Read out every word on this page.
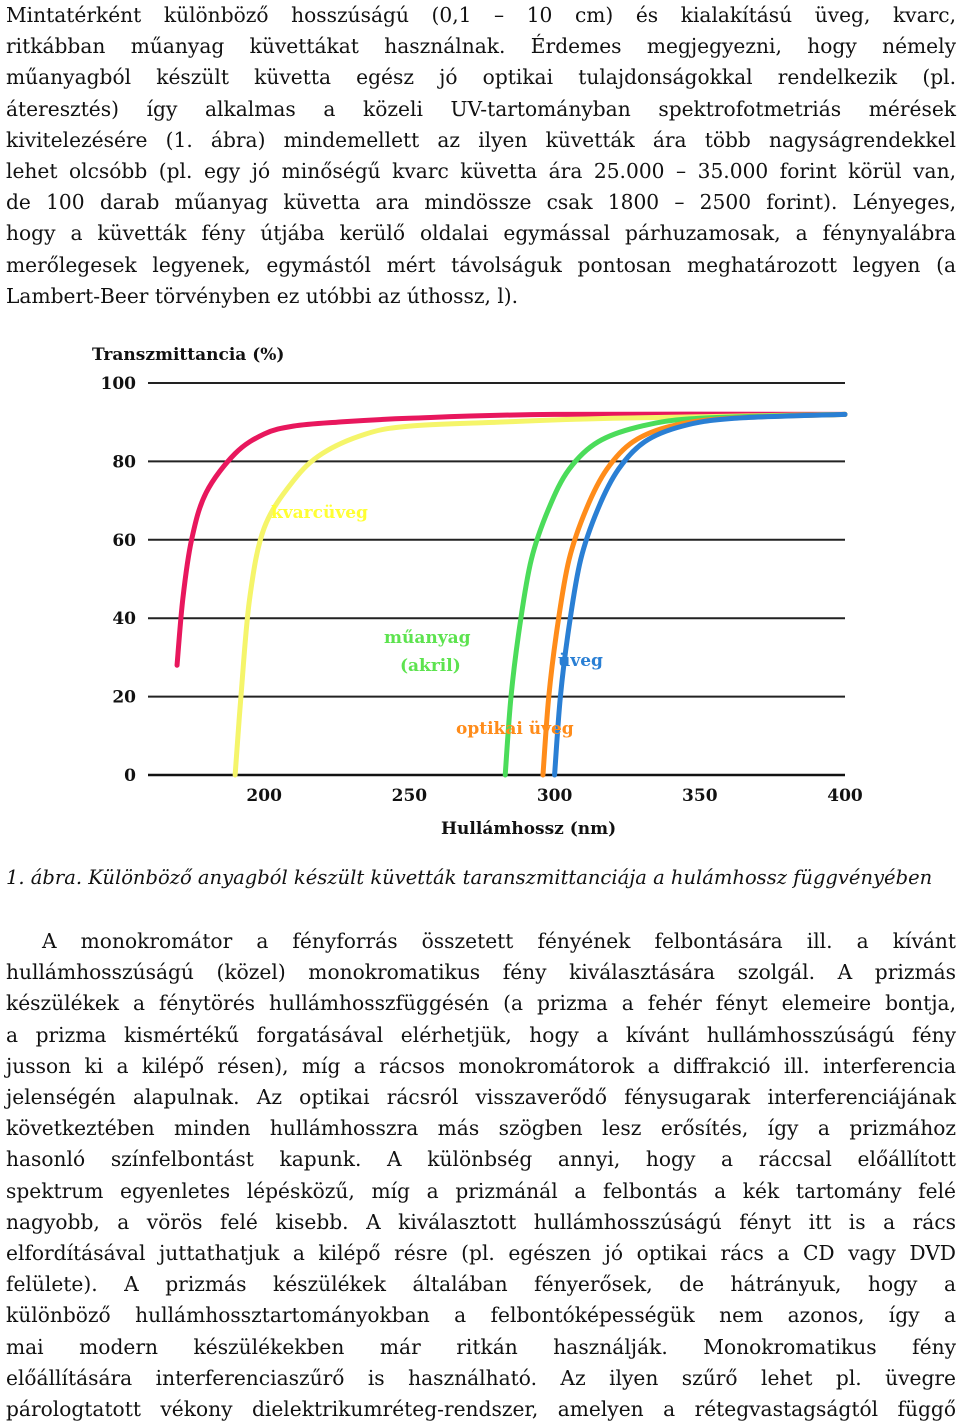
Mintatérként különböző hosszúságú (0,1 – 10 cm) és kialakítású üveg, kvarc,
ritkábban műanyag küvettákat használnak. Érdemes megjegyezni, hogy némely
műanyagból készült küvetta egész jó optikai tulajdonságokkal rendelkezik (pl.
áteresztés) így alkalmas a közeli UV-tartományban spektrofotmetriás mérések
kivitelezésére (1. ábra) mindemellett az ilyen küvetták ára több nagyságrendekkel
lehet olcsóbb (pl. egy jó minőségű kvarc küvetta ára 25.000 – 35.000 forint körül van,
de 100 darab műanyag küvetta ara mindössze csak 1800 – 2500 forint). Lényeges,
hogy a küvetták fény útjába kerülő oldalai egymással párhuzamosak, a fénynyalábra
merőlegesek legyenek, egymástól mért távolságuk pontosan meghatározott legyen (a
Lambert-Beer törvényben ez utóbbi az úthossz, l).
Transzmittancia (%)
Hullámhossz (nm)
0
20
40
60
80
100
200	250	300	350	400
kvarcüveg
műanyag
(akril)	üveg
optikai üveg
1. ábra. Különböző anyagból készült küvetták taranszmittanciája a hulámhossz függvényében
A monokromátor a fényforrás összetett fényének felbontására ill. a kívánt
hullámhosszúságú (közel) monokromatikus fény kiválasztására szolgál. A prizmás
készülékek a fénytörés hullámhosszfüggésén (a prizma a fehér fényt elemeire bontja,
a prizma kismértékű forgatásával elérhetjük, hogy a kívánt hullámhosszúságú fény
jusson ki a kilépő résen), míg a rácsos monokromátorok a diffrakció ill. interferencia
jelenségén alapulnak. Az optikai rácsról visszaverődő fénysugarak interferenciájának
következtében minden hullámhosszra más szögben lesz erősítés, így a prizmához
hasonló színfelbontást kapunk. A különbség annyi, hogy a ráccsal előállított
spektrum egyenletes lépésközű, míg a prizmánál a felbontás a kék tartomány felé
nagyobb, a vörös felé kisebb. A kiválasztott hullámhosszúságú fényt itt is a rács
elfordításával juttathatjuk a kilépő résre (pl. egészen jó optikai rács a CD vagy DVD
felülete). A prizmás készülékek általában fényerősek, de hátrányuk, hogy a
különböző hullámhossztartományokban a felbontóképességük nem azonos, így a
mai modern készülékekben már ritkán használják. Monokromatikus fény
előállítására interferenciaszűrő is használható. Az ilyen szűrő lehet pl. üvegre
párologtatott vékony dielektrikumréteg-rendszer, amelyen a rétegvastagságtól függő
